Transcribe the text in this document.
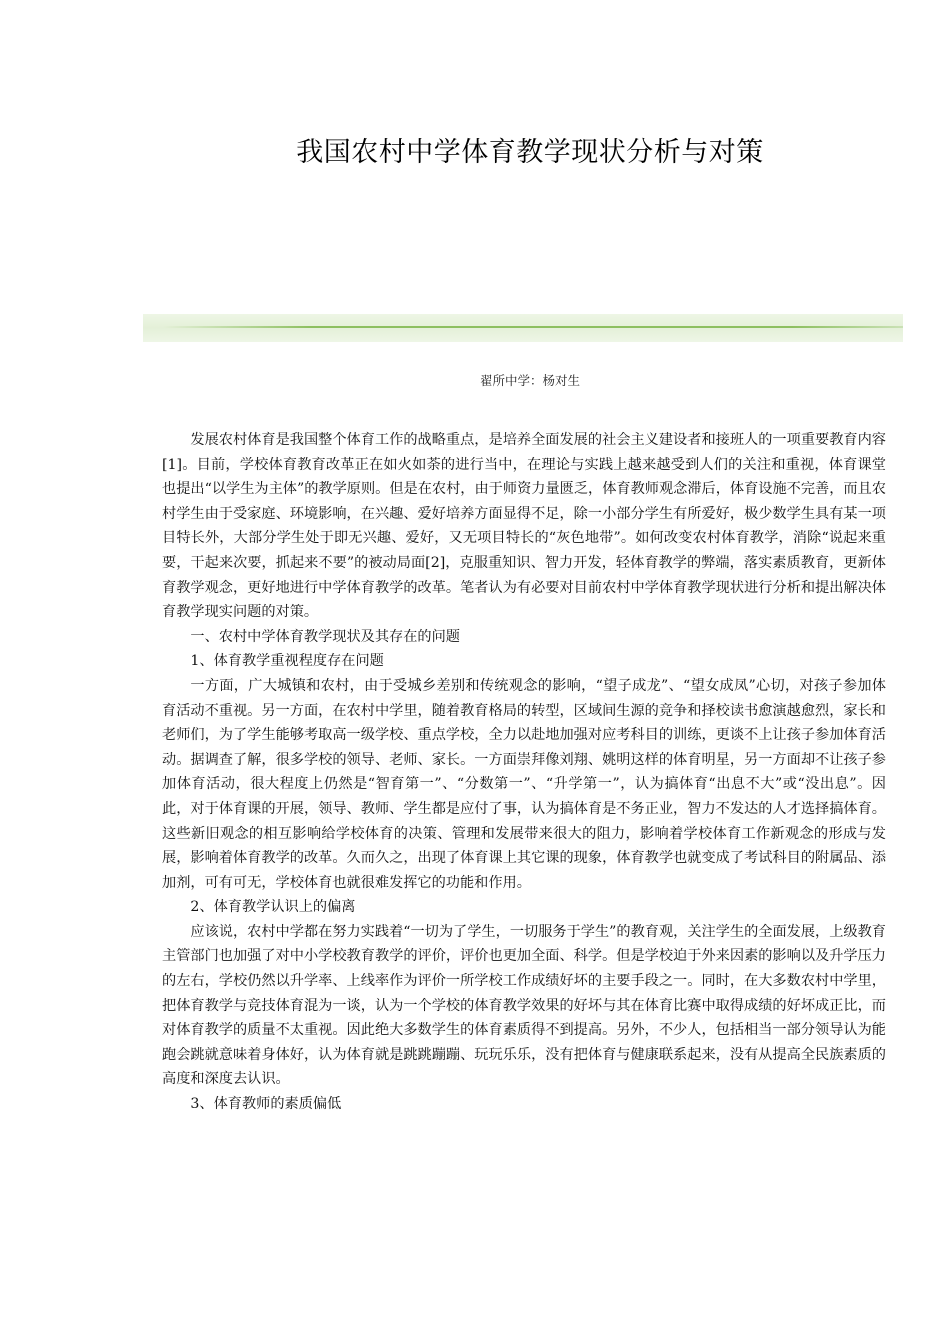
我国农村中学体育教学现状分析与对策
翟所中学：杨对生

发展农村体育是我国整个体育工作的战略重点，是培养全面发展的社会主义建设者和接班人的一项重要教育内容[1]。目前，学校体育教育改革正在如火如荼的进行当中，在理论与实践上越来越受到人们的关注和重视，体育课堂也提出“以学生为主体”的教学原则。但是在农村，由于师资力量匮乏，体育教师观念滞后，体育设施不完善，而且农村学生由于受家庭、环境影响，在兴趣、爱好培养方面显得不足，除一小部分学生有所爱好，极少数学生具有某一项目特长外，大部分学生处于即无兴趣、爱好，又无项目特长的“灰色地带”。如何改变农村体育教学，消除“说起来重要，干起来次要，抓起来不要”的被动局面[2]，克服重知识、智力开发，轻体育教学的弊端，落实素质教育，更新体育教学观念，更好地进行中学体育教学的改革。笔者认为有必要对目前农村中学体育教学现状进行分析和提出解决体育教学现实问题的对策。

一、农村中学体育教学现状及其存在的问题

1、体育教学重视程度存在问题

一方面，广大城镇和农村，由于受城乡差别和传统观念的影响，“望子成龙”、“望女成凤”心切，对孩子参加体育活动不重视。另一方面，在农村中学里，随着教育格局的转型，区域间生源的竞争和择校读书愈演越愈烈，家长和老师们，为了学生能够考取高一级学校、重点学校，全力以赴地加强对应考科目的训练，更谈不上让孩子参加体育活动。据调查了解，很多学校的领导、老师、家长。一方面崇拜像刘翔、姚明这样的体育明星，另一方面却不让孩子参加体育活动，很大程度上仍然是“智育第一”、“分数第一”、“升学第一”，认为搞体育“出息不大”或“没出息”。因此，对于体育课的开展，领导、教师、学生都是应付了事，认为搞体育是不务正业，智力不发达的人才选择搞体育。这些新旧观念的相互影响给学校体育的决策、管理和发展带来很大的阻力，影响着学校体育工作新观念的形成与发展，影响着体育教学的改革。久而久之，出现了体育课上其它课的现象，体育教学也就变成了考试科目的附属品、添加剂，可有可无，学校体育也就很难发挥它的功能和作用。

2、体育教学认识上的偏离

应该说，农村中学都在努力实践着“一切为了学生，一切服务于学生”的教育观，关注学生的全面发展，上级教育主管部门也加强了对中小学校教育教学的评价，评价也更加全面、科学。但是学校迫于外来因素的影响以及升学压力的左右，学校仍然以升学率、上线率作为评价一所学校工作成绩好坏的主要手段之一。同时，在大多数农村中学里，把体育教学与竞技体育混为一谈，认为一个学校的体育教学效果的好坏与其在体育比赛中取得成绩的好坏成正比，而对体育教学的质量不太重视。因此绝大多数学生的体育素质得不到提高。另外，不少人，包括相当一部分领导认为能跑会跳就意味着身体好，认为体育就是跳跳蹦蹦、玩玩乐乐，没有把体育与健康联系起来，没有从提高全民族素质的高度和深度去认识。

3、体育教师的素质偏低
